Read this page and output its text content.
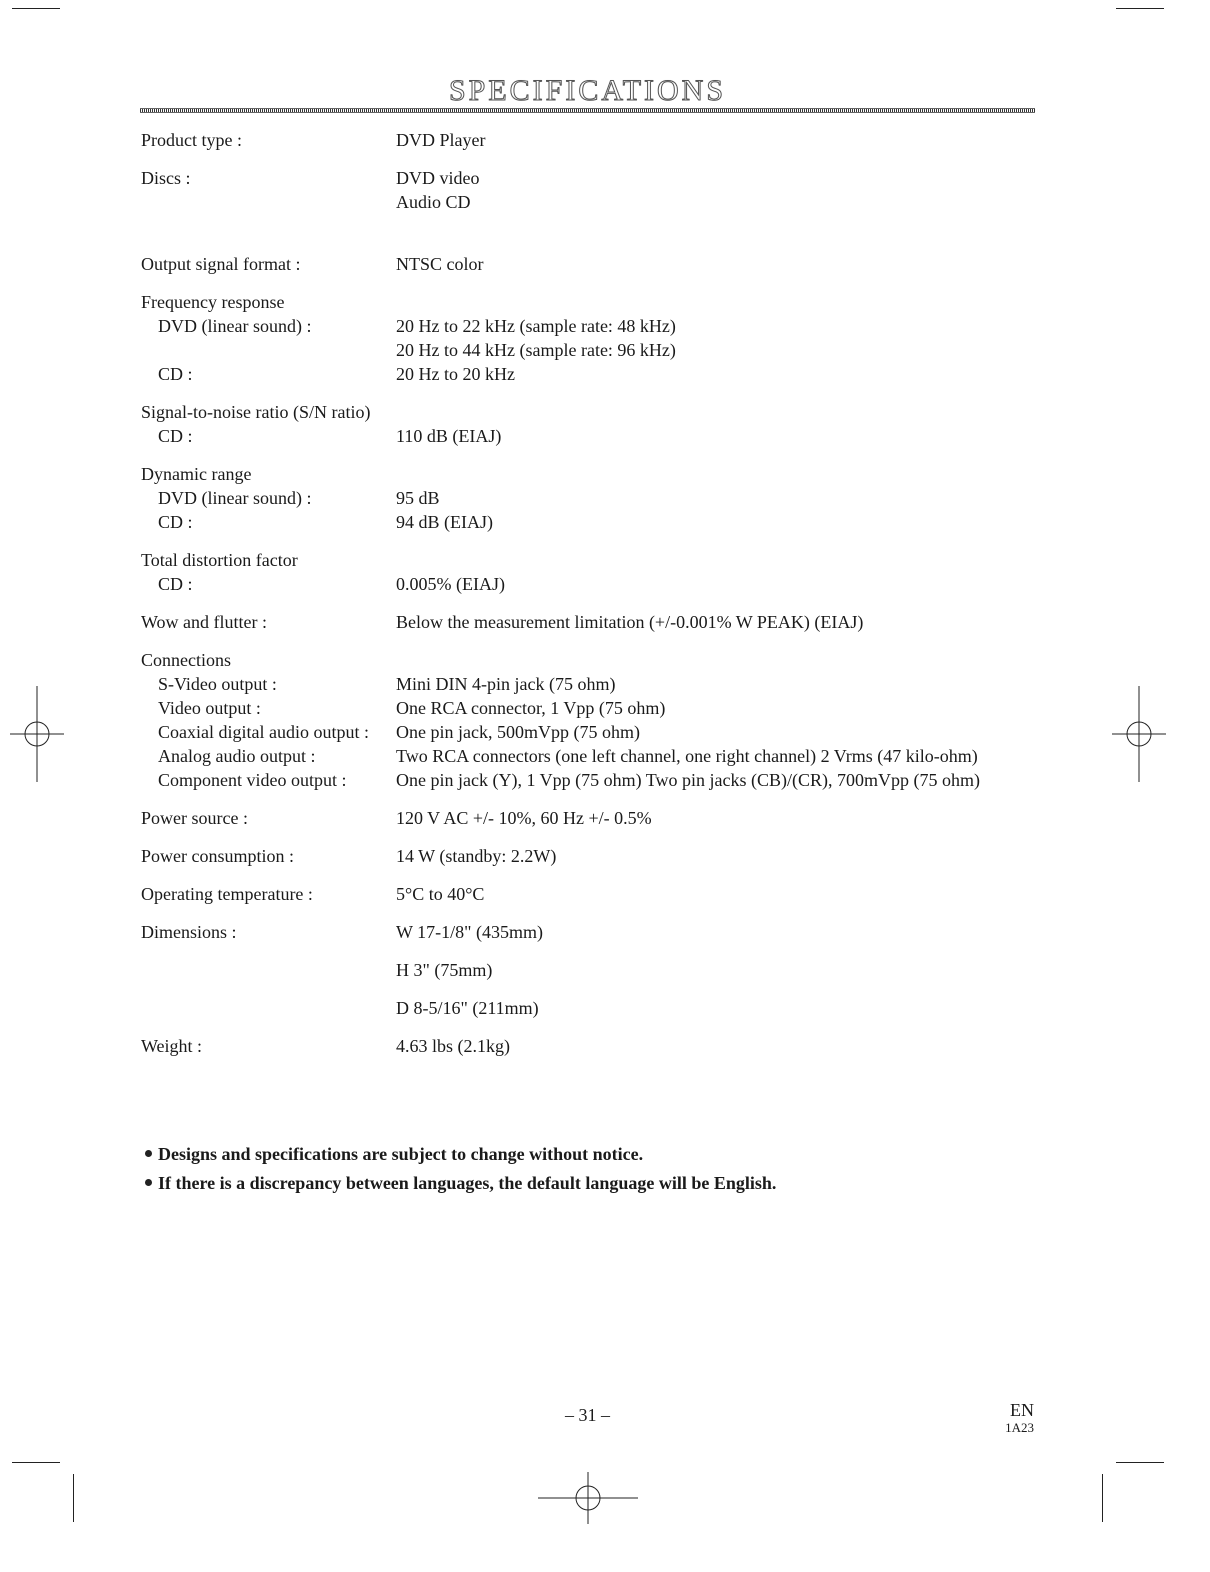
SPECIFICATIONS
Product type :	DVD Player
Discs :	DVD video
Audio CD
Output signal format :	NTSC color
Frequency response
DVD (linear sound) :	20 Hz to 22 kHz (sample rate: 48 kHz)
20 Hz to 44 kHz (sample rate: 96 kHz)
CD :	20 Hz to 20 kHz
Signal-to-noise ratio (S/N ratio)
CD :	110 dB (EIAJ)
Dynamic range
DVD (linear sound) :	95 dB
CD :	94 dB (EIAJ)
Total distortion factor
CD :	0.005% (EIAJ)
Wow and flutter :	Below the measurement limitation (+/-0.001% W PEAK) (EIAJ)
Connections
S-Video output :	Mini DIN 4-pin jack (75 ohm)
Video output :	One RCA connector, 1 Vpp (75 ohm)
Coaxial digital audio output :	One pin jack, 500mVpp (75 ohm)
Analog audio output :	Two RCA connectors (one left channel, one right channel) 2 Vrms (47 kilo-ohm)
Component video output :	One pin jack (Y), 1 Vpp (75 ohm) Two pin jacks (CB)/(CR), 700mVpp (75 ohm)
Power source :	120 V AC +/- 10%, 60 Hz +/- 0.5%
Power consumption :	14 W (standby: 2.2W)
Operating temperature :	5°C to 40°C
Dimensions :	W 17-1/8" (435mm)
H 3" (75mm)
D 8-5/16" (211mm)
Weight :	4.63 lbs (2.1kg)
Designs and specifications are subject to change without notice.
If there is a discrepancy between languages, the default language will be English.
– 31 –	EN
1A23
